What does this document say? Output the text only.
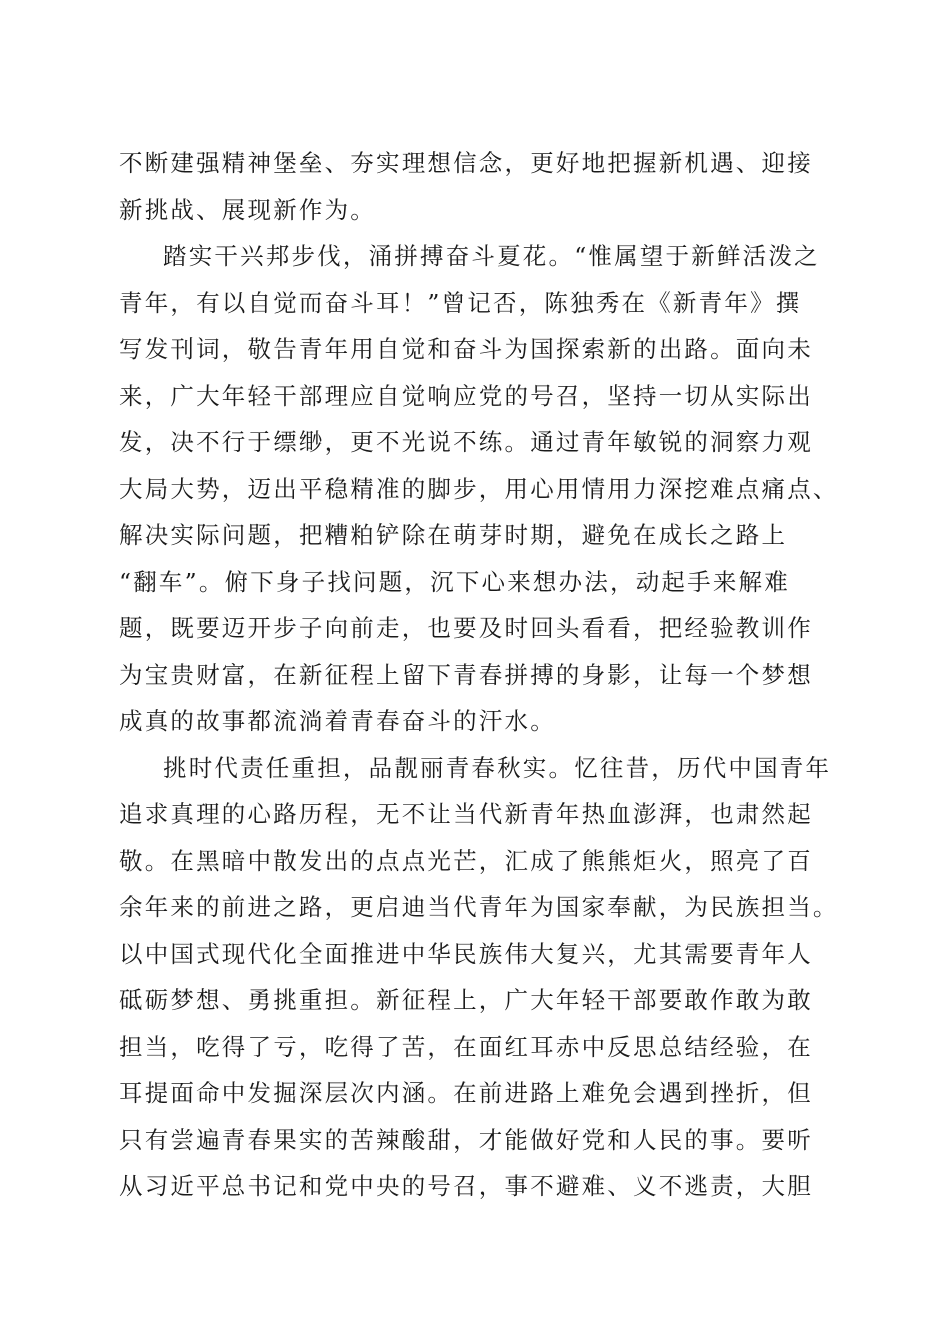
不断建强精神堡垒、夯实理想信念，更好地把握新机遇、迎接
新挑战、展现新作为。
踏实干兴邦步伐，涌拼搏奋斗夏花。“惟属望于新鲜活泼之
青年，有以自觉而奋斗耳！”曾记否，陈独秀在《新青年》撰
写发刊词，敬告青年用自觉和奋斗为国探索新的出路。面向未
来，广大年轻干部理应自觉响应党的号召，坚持一切从实际出
发，决不行于缥缈，更不光说不练。通过青年敏锐的洞察力观
大局大势，迈出平稳精准的脚步，用心用情用力深挖难点痛点、
解决实际问题，把糟粕铲除在萌芽时期，避免在成长之路上
“翻车”。俯下身子找问题，沉下心来想办法，动起手来解难
题，既要迈开步子向前走，也要及时回头看看，把经验教训作
为宝贵财富，在新征程上留下青春拼搏的身影，让每一个梦想
成真的故事都流淌着青春奋斗的汗水。
挑时代责任重担，品靓丽青春秋实。忆往昔，历代中国青年
追求真理的心路历程，无不让当代新青年热血澎湃，也肃然起
敬。在黑暗中散发出的点点光芒，汇成了熊熊炬火，照亮了百
余年来的前进之路，更启迪当代青年为国家奉献，为民族担当。
以中国式现代化全面推进中华民族伟大复兴，尤其需要青年人
砥砺梦想、勇挑重担。新征程上，广大年轻干部要敢作敢为敢
担当，吃得了亏，吃得了苦，在面红耳赤中反思总结经验，在
耳提面命中发掘深层次内涵。在前进路上难免会遇到挫折，但
只有尝遍青春果实的苦辣酸甜，才能做好党和人民的事。要听
从习近平总书记和党中央的号召，事不避难、义不逃责，大胆
